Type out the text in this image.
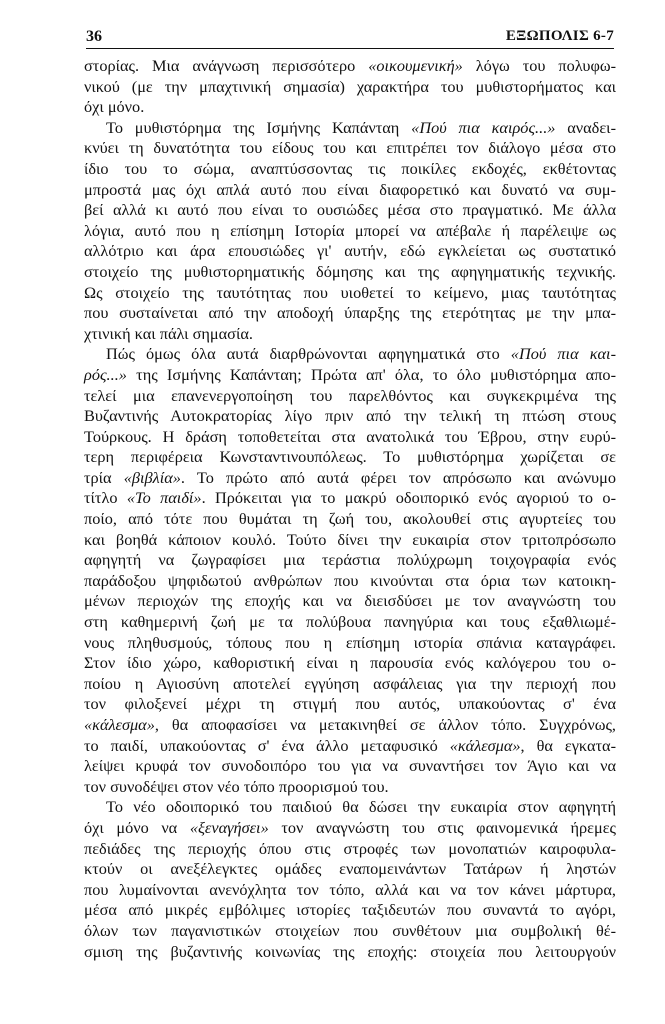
36	ΕΞΩΠΟΛΙΣ 6-7
στορίας. Μια ανάγνωση περισσότερο «οικουμενική» λόγω του πολυφω-
νικού (με την μπαχτινική σημασία) χαρακτήρα του μυθιστορήματος και
όχι μόνο.
Το μυθιστόρημα της Ισμήνης Καπάνταη «Πού πια καιρός...» αναδει-
κνύει τη δυνατότητα του είδους του και επιτρέπει τον διάλογο μέσα στο
ίδιο του το σώμα, αναπτύσσοντας τις ποικίλες εκδοχές, εκθέτοντας
μπροστά μας όχι απλά αυτό που είναι διαφορετικό και δυνατό να συμ-
βεί αλλά κι αυτό που είναι το ουσιώδες μέσα στο πραγματικό. Με άλλα
λόγια, αυτό που η επίσημη Ιστορία μπορεί να απέβαλε ή παρέλειψε ως
αλλότριο και άρα επουσιώδες γι' αυτήν, εδώ εγκλείεται ως συστατικό
στοιχείο της μυθιστορηματικής δόμησης και της αφηγηματικής τεχνικής.
Ως στοιχείο της ταυτότητας που υιοθετεί το κείμενο, μιας ταυτότητας
που συσταίνεται από την αποδοχή ύπαρξης της ετερότητας με την μπα-
χτινική και πάλι σημασία.
Πώς όμως όλα αυτά διαρθρώνονται αφηγηματικά στο «Πού πια και-
ρός...» της Ισμήνης Καπάνταη; Πρώτα απ' όλα, το όλο μυθιστόρημα απο-
τελεί μια επανενεργοποίηση του παρελθόντος και συγκεκριμένα της
Βυζαντινής Αυτοκρατορίας λίγο πριν από την τελική τη πτώση στους
Τούρκους. Η δράση τοποθετείται στα ανατολικά του Έβρου, στην ευρύ-
τερη περιφέρεια Κωνσταντινουπόλεως. Το μυθιστόρημα χωρίζεται σε
τρία «βιβλία». Το πρώτο από αυτά φέρει τον απρόσωπο και ανώνυμο
τίτλο «Το παιδί». Πρόκειται για το μακρύ οδοιπορικό ενός αγοριού το ο-
ποίο, από τότε που θυμάται τη ζωή του, ακολουθεί στις αγυρτείες του
και βοηθά κάποιον κουλό. Τούτο δίνει την ευκαιρία στον τριτοπρόσωπο
αφηγητή να ζωγραφίσει μια τεράστια πολύχρωμη τοιχογραφία ενός
παράδοξου ψηφιδωτού ανθρώπων που κινούνται στα όρια των κατοικη-
μένων περιοχών της εποχής και να διεισδύσει με τον αναγνώστη του
στη καθημερινή ζωή με τα πολύβουα πανηγύρια και τους εξαθλιωμέ-
νους πληθυσμούς, τόπους που η επίσημη ιστορία σπάνια καταγράφει.
Στον ίδιο χώρο, καθοριστική είναι η παρουσία ενός καλόγερου του ο-
ποίου η Αγιοσύνη αποτελεί εγγύηση ασφάλειας για την περιοχή που
τον φιλοξενεί μέχρι τη στιγμή που αυτός, υπακούοντας σ' ένα
«κάλεσμα», θα αποφασίσει να μετακινηθεί σε άλλον τόπο. Συγχρόνως,
το παιδί, υπακούοντας σ' ένα άλλο μεταφυσικό «κάλεσμα», θα εγκατα-
λείψει κρυφά τον συνοδοιπόρο του για να συναντήσει τον Άγιο και να
τον συνοδέψει στον νέο τόπο προορισμού του.
Το νέο οδοιπορικό του παιδιού θα δώσει την ευκαιρία στον αφηγητή
όχι μόνο να «ξεναγήσει» τον αναγνώστη του στις φαινομενικά ήρεμες
πεδιάδες της περιοχής όπου στις στροφές των μονοπατιών καιροφυλα-
κτούν οι ανεξέλεγκτες ομάδες εναπομεινάντων Τατάρων ή ληστών
που λυμαίνονται ανενόχλητα τον τόπο, αλλά και να τον κάνει μάρτυρα,
μέσα από μικρές εμβόλιμες ιστορίες ταξιδευτών που συναντά το αγόρι,
όλων των παγανιστικών στοιχείων που συνθέτουν μια συμβολική θέ-
σμιση της βυζαντινής κοινωνίας της εποχής: στοιχεία που λειτουργούν
